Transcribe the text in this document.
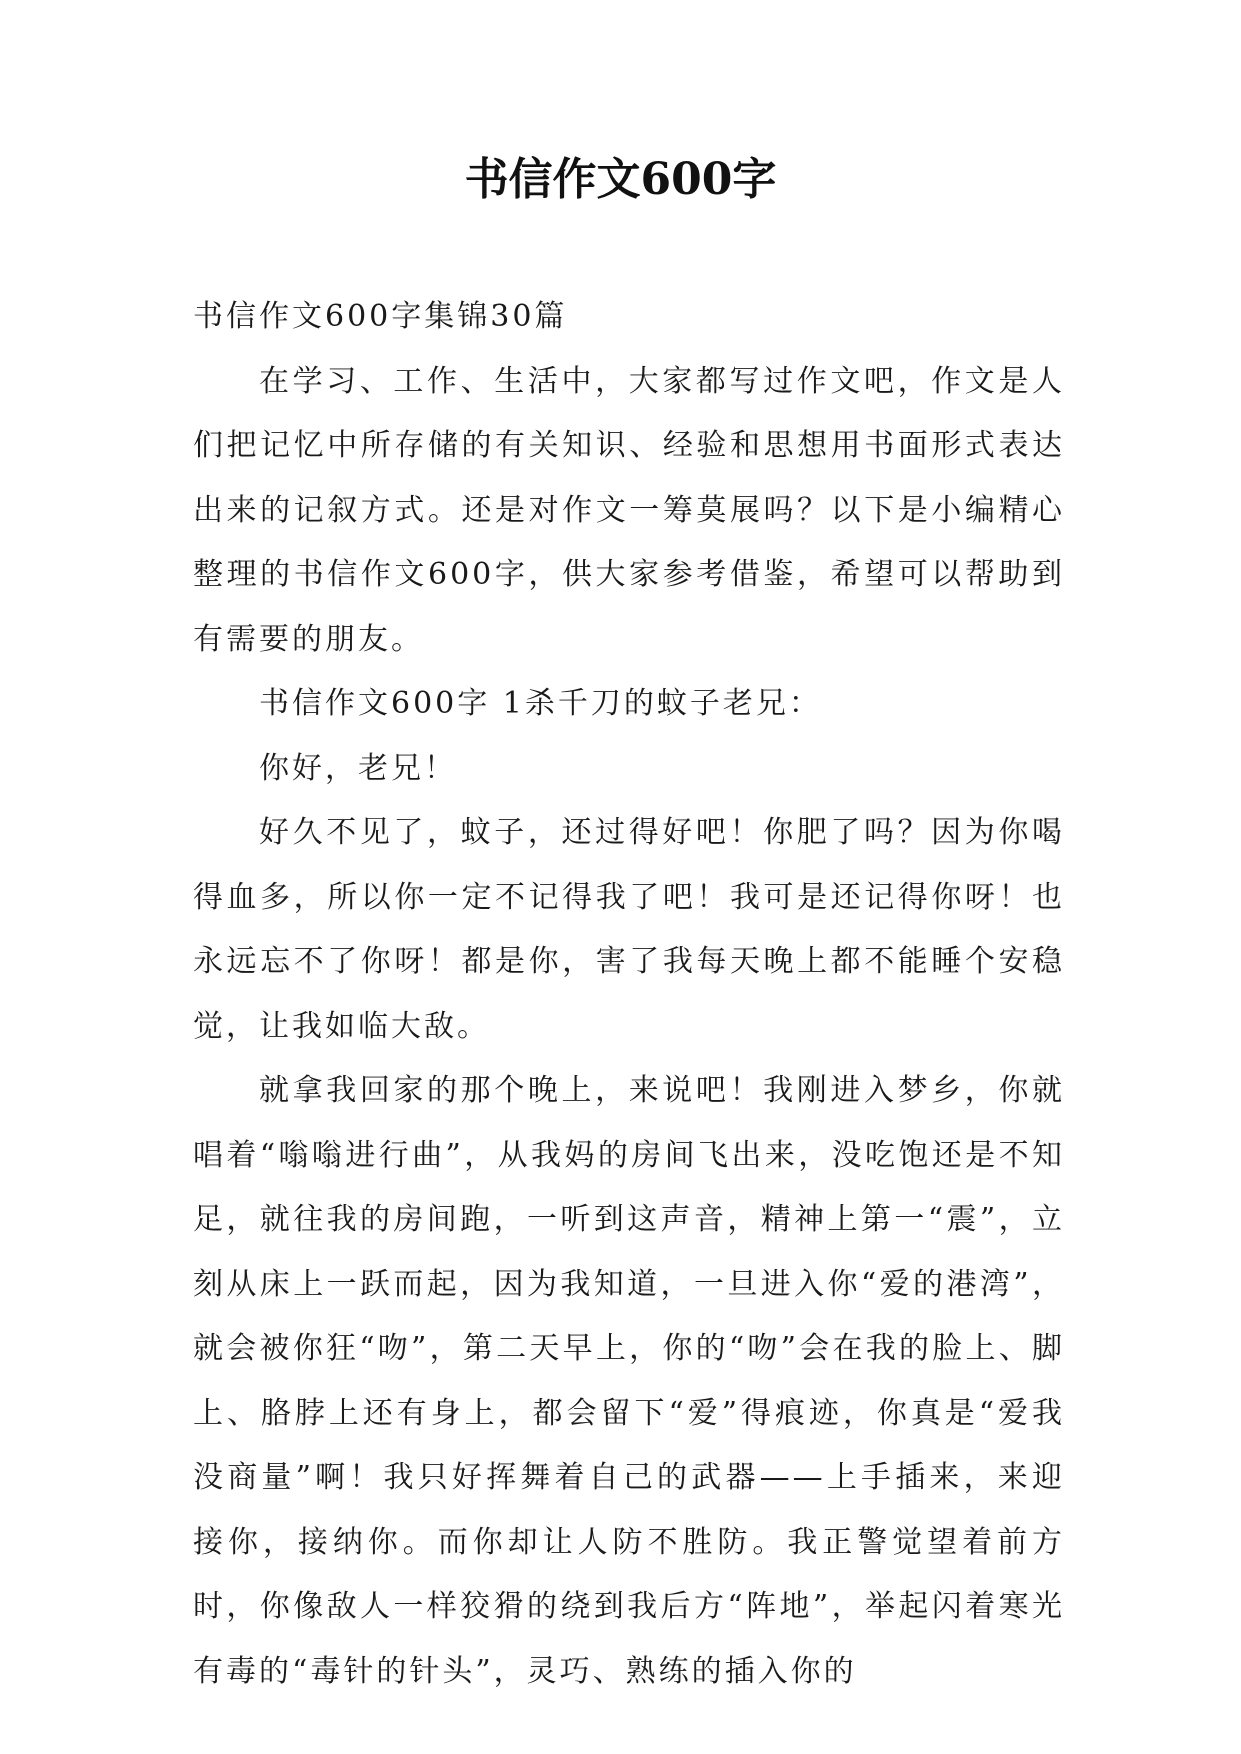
书信作文600字

书信作文600字集锦30篇

在学习、工作、生活中，大家都写过作文吧，作文是人们把记忆中所存储的有关知识、经验和思想用书面形式表达出来的记叙方式。还是对作文一筹莫展吗？以下是小编精心整理的书信作文600字，供大家参考借鉴，希望可以帮助到有需要的朋友。

书信作文600字 1杀千刀的蚊子老兄：

你好，老兄！

好久不见了，蚊子，还过得好吧！你肥了吗？因为你喝得血多，所以你一定不记得我了吧！我可是还记得你呀！也永远忘不了你呀！都是你，害了我每天晚上都不能睡个安稳觉，让我如临大敌。

就拿我回家的那个晚上，来说吧！我刚进入梦乡，你就唱着“嗡嗡进行曲”，从我妈的房间飞出来，没吃饱还是不知足，就往我的房间跑，一听到这声音，精神上第一“震”，立刻从床上一跃而起，因为我知道，一旦进入你“爱的港湾”，就会被你狂“吻”，第二天早上，你的“吻”会在我的脸上、脚上、胳脖上还有身上，都会留下“爱”得痕迹，你真是“爱我没商量”啊！我只好挥舞着自己的武器——上手插来，来迎接你，接纳你。而你却让人防不胜防。我正警觉望着前方时，你像敌人一样狡猾的绕到我后方“阵地”，举起闪着寒光有毒的“毒针的针头”，灵巧、熟练的插入你的
